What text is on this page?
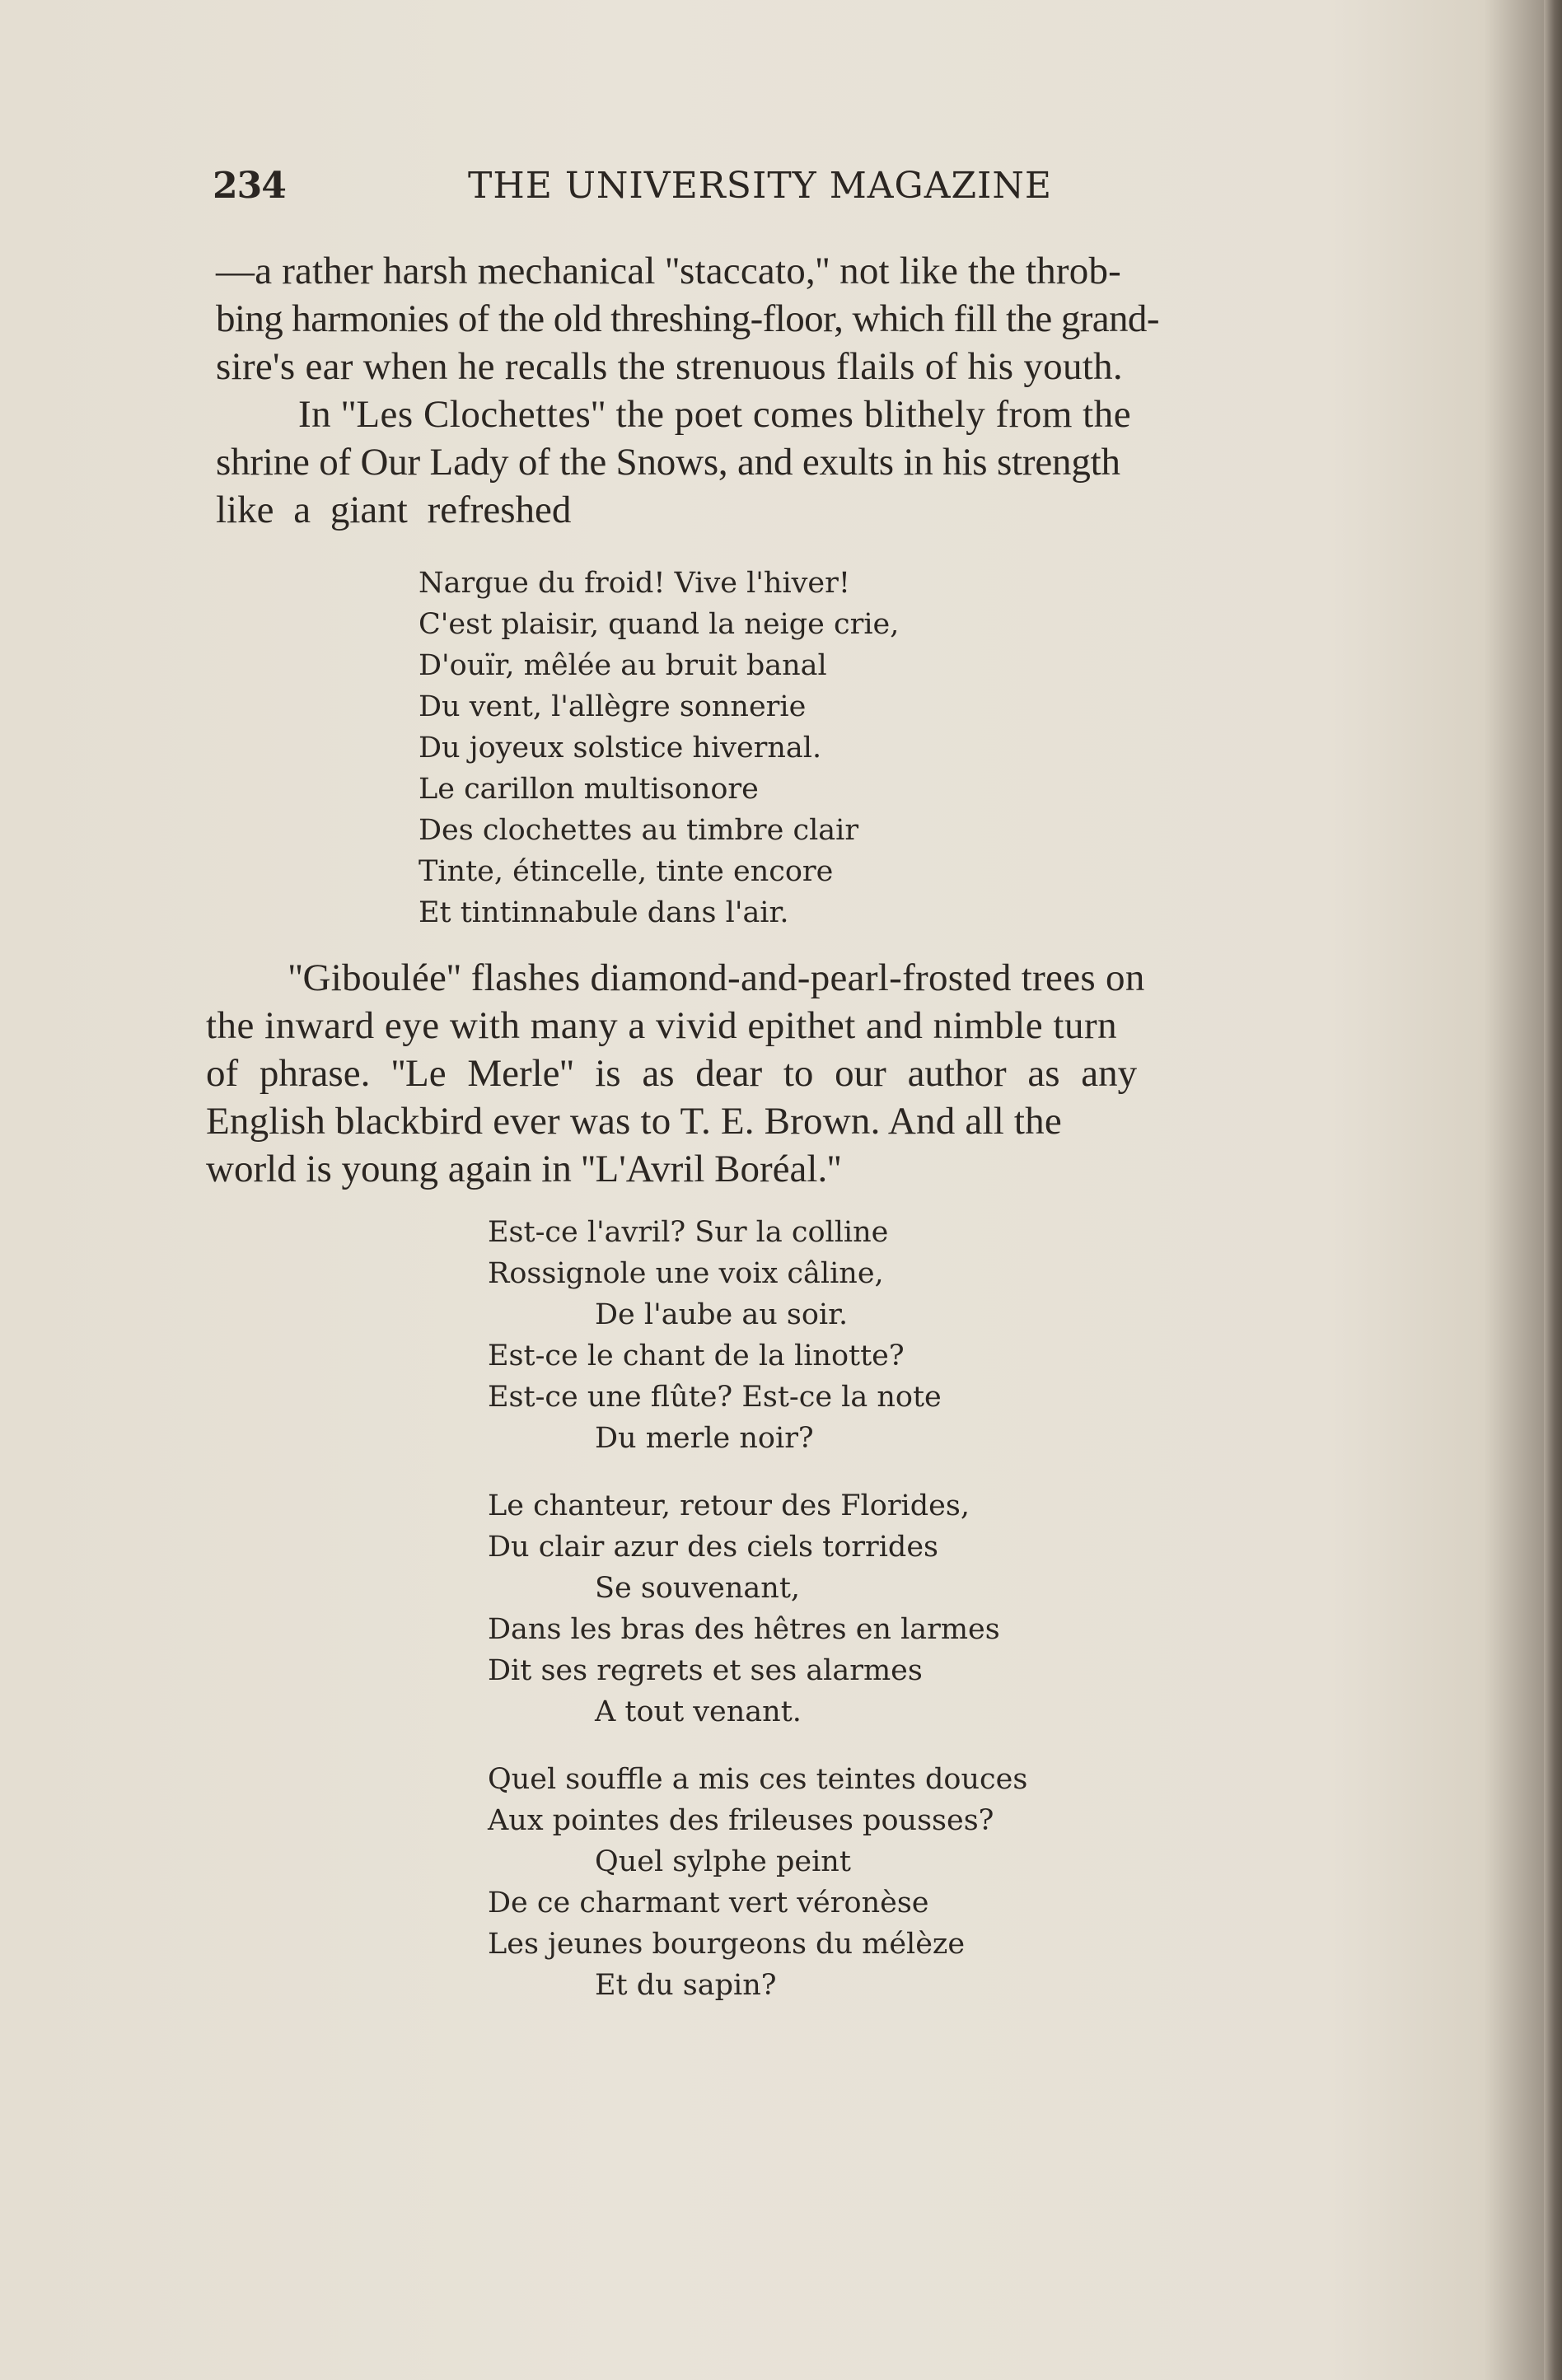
234	THE UNIVERSITY MAGAZINE
—a rather harsh mechanical ''staccato,'' not like the throb-
bing harmonies of the old threshing-floor, which fill the grand-
sire's ear when he recalls the strenuous flails of his youth.
In ''Les Clochettes'' the poet comes blithely from the
shrine of Our Lady of the Snows, and exults in his strength
like a giant refreshed
Nargue du froid! Vive l'hiver!
C'est plaisir, quand la neige crie,
D'ouïr, mêlée au bruit banal
Du vent, l'allègre sonnerie
Du joyeux solstice hivernal.
Le carillon multisonore
Des clochettes au timbre clair
Tinte, étincelle, tinte encore
Et tintinnabule dans l'air.
''Giboulée'' flashes diamond-and-pearl-frosted trees on
the inward eye with many a vivid epithet and nimble turn
of phrase. ''Le Merle'' is as dear to our author as any
English blackbird ever was to T. E. Brown. And all the
world is young again in ''L'Avril Boréal.''
Est-ce l'avril? Sur la colline
Rossignole une voix câline,
De l'aube au soir.
Est-ce le chant de la linotte?
Est-ce une flûte? Est-ce la note
Du merle noir?
Le chanteur, retour des Florides,
Du clair azur des ciels torrides
Se souvenant,
Dans les bras des hêtres en larmes
Dit ses regrets et ses alarmes
A tout venant.
Quel souffle a mis ces teintes douces
Aux pointes des frileuses pousses?
Quel sylphe peint
De ce charmant vert véronèse
Les jeunes bourgeons du mélèze
Et du sapin?
